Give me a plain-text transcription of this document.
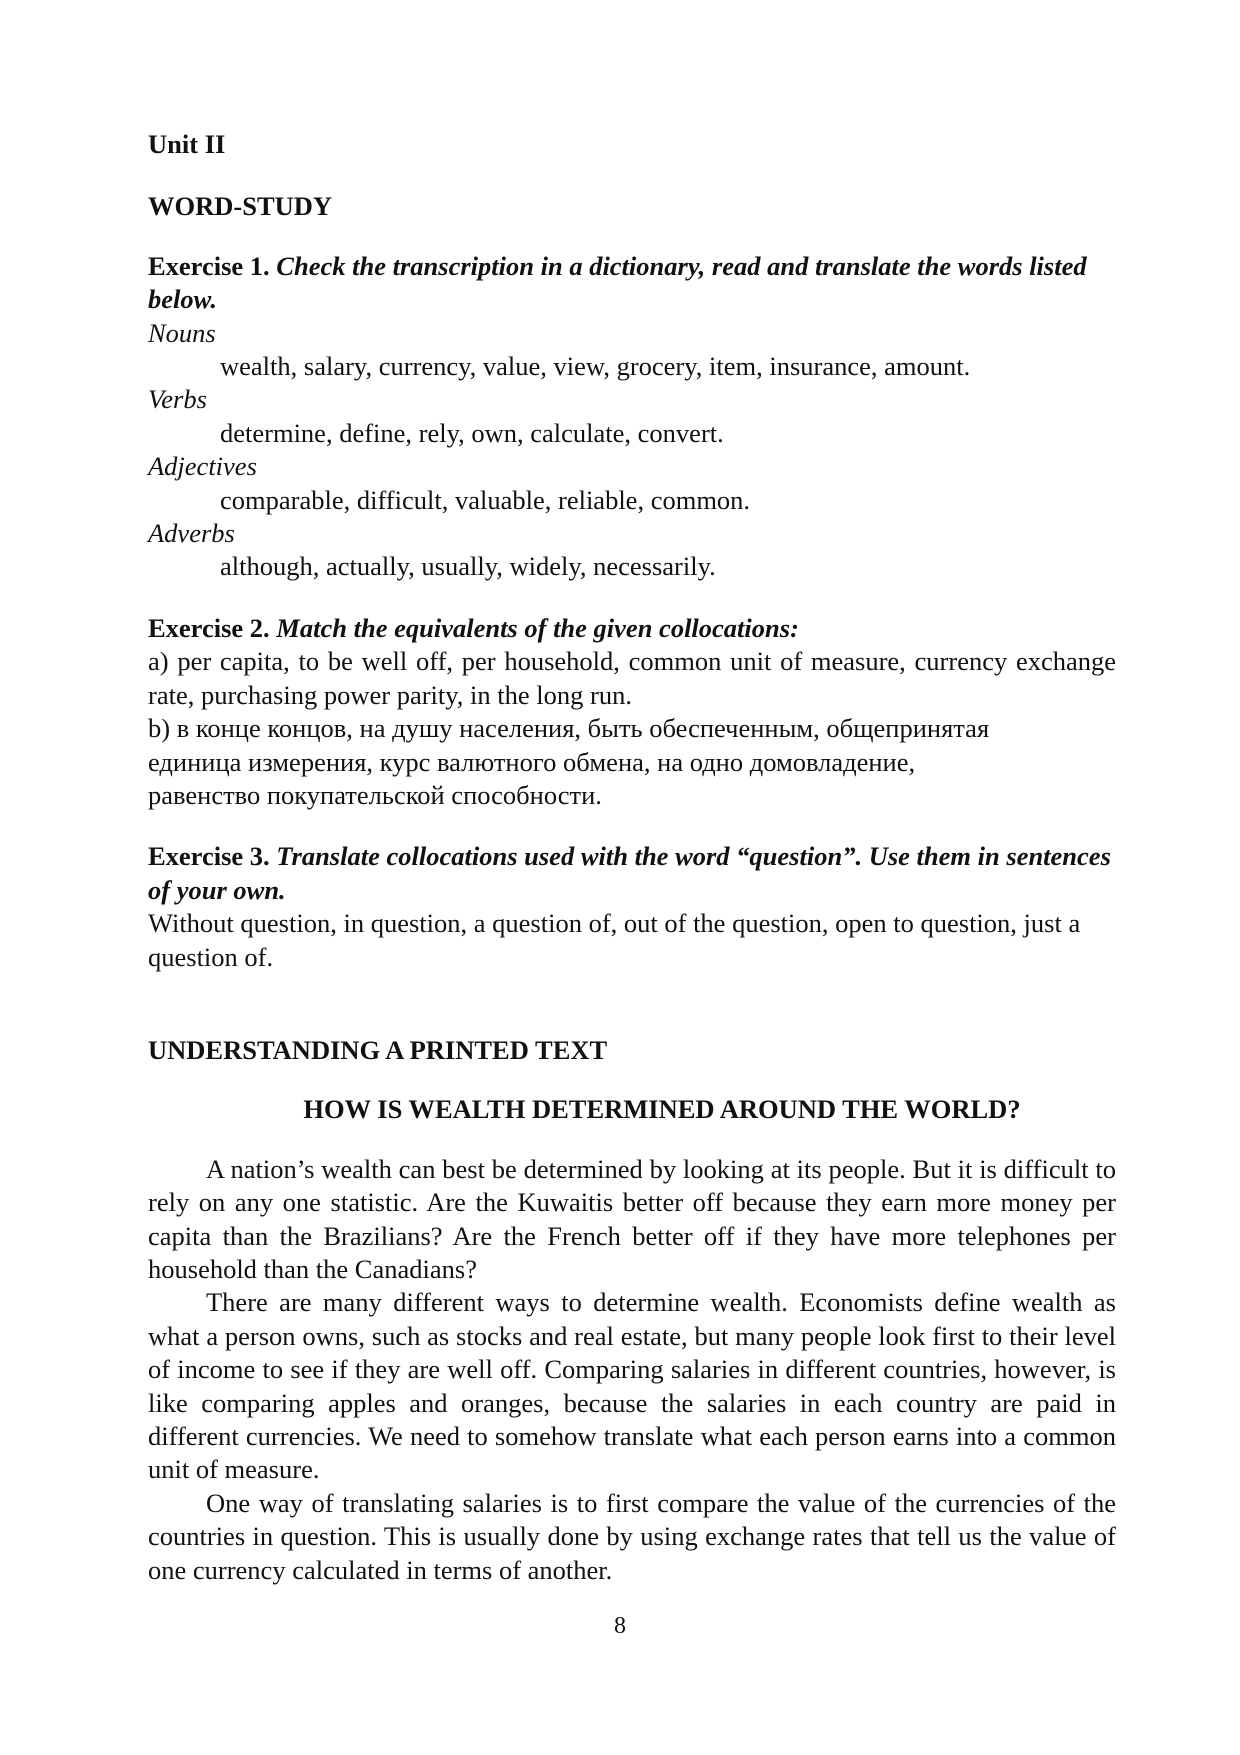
Unit II

WORD-STUDY

Exercise 1. Check the transcription in a dictionary, read and translate the words listed below.

Nouns

wealth, salary, currency, value, view, grocery, item, insurance, amount.

Verbs

determine, define, rely, own, calculate, convert.

Adjectives

comparable, difficult, valuable, reliable, common.

Adverbs

although, actually, usually, widely, necessarily.

Exercise 2. Match the equivalents of the given collocations:

a) per capita, to be well off, per household, common unit of measure, currency exchange rate, purchasing power parity, in the long run.

b) в конце концов, на душу населения, быть обеспеченным, общепринятая

единица измерения, курс валютного обмена, на одно домовладение,

равенство покупательской способности.

Exercise 3. Translate collocations used with the word “question”. Use them in sentences of your own.

Without question, in question, a question of, out of the question, open to question, just a question of.

UNDERSTANDING A PRINTED TEXT

HOW IS WEALTH DETERMINED AROUND THE WORLD?

A nation’s wealth can best be determined by looking at its people. But it is difficult to rely on any one statistic. Are the Kuwaitis better off because they earn more money per capita than the Brazilians? Are the French better off if they have more telephones per household than the Canadians?

There are many different ways to determine wealth. Economists define wealth as what a person owns, such as stocks and real estate, but many people look first to their level of income to see if they are well off. Comparing salaries in different countries, however, is like comparing apples and oranges, because the salaries in each country are paid in different currencies. We need to somehow translate what each person earns into a common unit of measure.

One way of translating salaries is to first compare the value of the currencies of the countries in question. This is usually done by using exchange rates that tell us the value of one currency calculated in terms of another.

8
